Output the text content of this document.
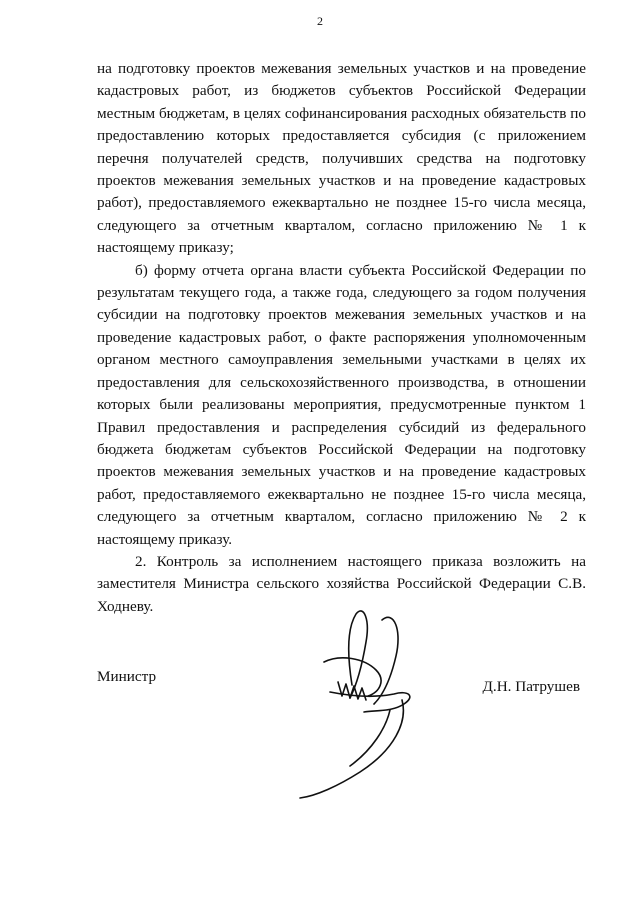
2

на подготовку проектов межевания земельных участков и на проведение кадастровых работ, из бюджетов субъектов Российской Федерации местным бюджетам, в целях софинансирования расходных обязательств по предоставлению которых предоставляется субсидия (с приложением перечня получателей средств, получивших средства на подготовку проектов межевания земельных участков и на проведение кадастровых работ), предоставляемого ежеквартально не позднее 15-го числа месяца, следующего за отчетным кварталом, согласно приложению № 1 к настоящему приказу;

б) форму отчета органа власти субъекта Российской Федерации по результатам текущего года, а также года, следующего за годом получения субсидии на подготовку проектов межевания земельных участков и на проведение кадастровых работ, о факте распоряжения уполномоченным органом местного самоуправления земельными участками в целях их предоставления для сельскохозяйственного производства, в отношении которых были реализованы мероприятия, предусмотренные пунктом 1 Правил предоставления и распределения субсидий из федерального бюджета бюджетам субъектов Российской Федерации на подготовку проектов межевания земельных участков и на проведение кадастровых работ, предоставляемого ежеквартально не позднее 15-го числа месяца, следующего за отчетным кварталом, согласно приложению № 2 к настоящему приказу.

2. Контроль за исполнением настоящего приказа возложить на заместителя Министра сельского хозяйства Российской Федерации С.В. Ходневу.

Министр
Д.Н. Патрушев
